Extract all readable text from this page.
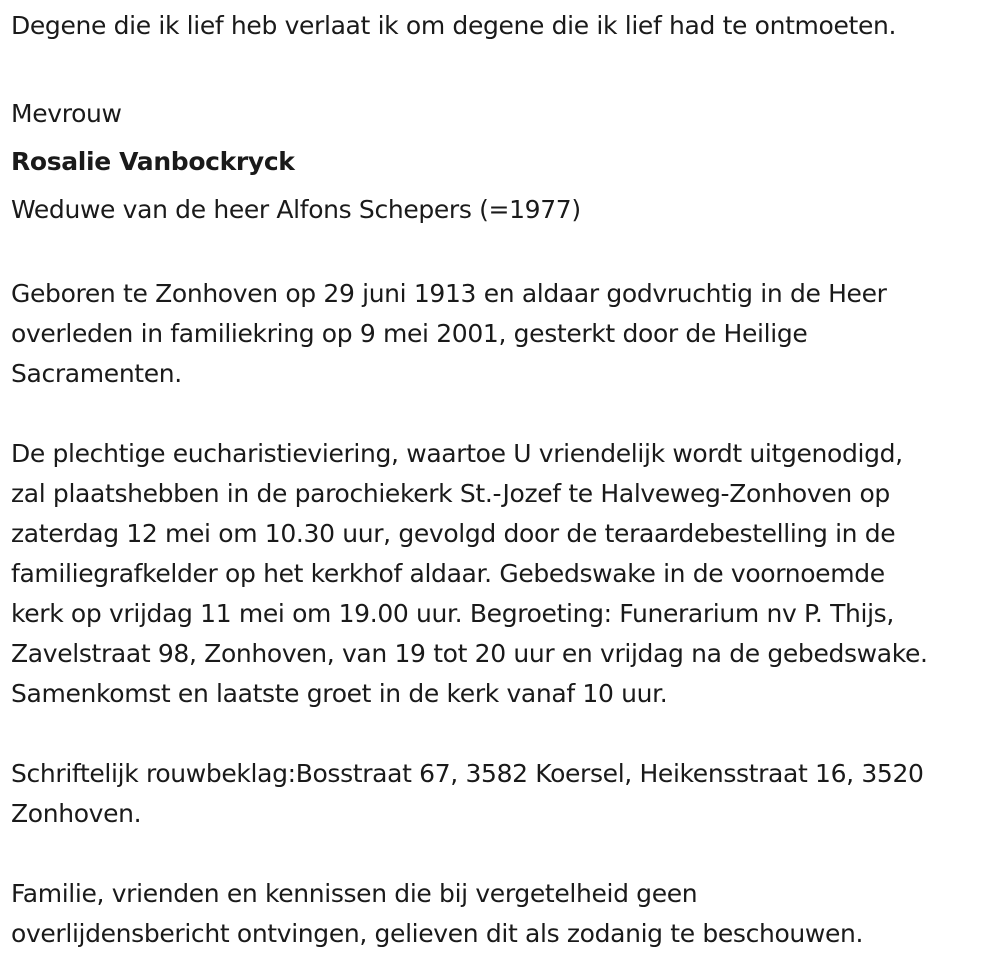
Degene die ik lief heb verlaat ik om degene die ik lief had te ontmoeten.

Mevrouw

Rosalie Vanbockryck

Weduwe van de heer Alfons Schepers (=1977)

Geboren te Zonhoven op 29 juni 1913 en aldaar godvruchtig in de Heer

overleden in familiekring op 9 mei 2001, gesterkt door de Heilige

Sacramenten.

De plechtige eucharistieviering, waartoe U vriendelijk wordt uitgenodigd,

zal plaatshebben in de parochiekerk St.-Jozef te Halveweg-Zonhoven op

zaterdag 12 mei om 10.30 uur, gevolgd door de teraardebestelling in de

familiegrafkelder op het kerkhof aldaar. Gebedswake in de voornoemde

kerk op vrijdag 11 mei om 19.00 uur. Begroeting: Funerarium nv P. Thijs,

Zavelstraat 98, Zonhoven, van 19 tot 20 uur en vrijdag na de gebedswake.

Samenkomst en laatste groet in de kerk vanaf 10 uur.

Schriftelijk rouwbeklag:Bosstraat 67, 3582 Koersel, Heikensstraat 16, 3520

Zonhoven.

Familie, vrienden en kennissen die bij vergetelheid geen

overlijdensbericht ontvingen, gelieven dit als zodanig te beschouwen.
